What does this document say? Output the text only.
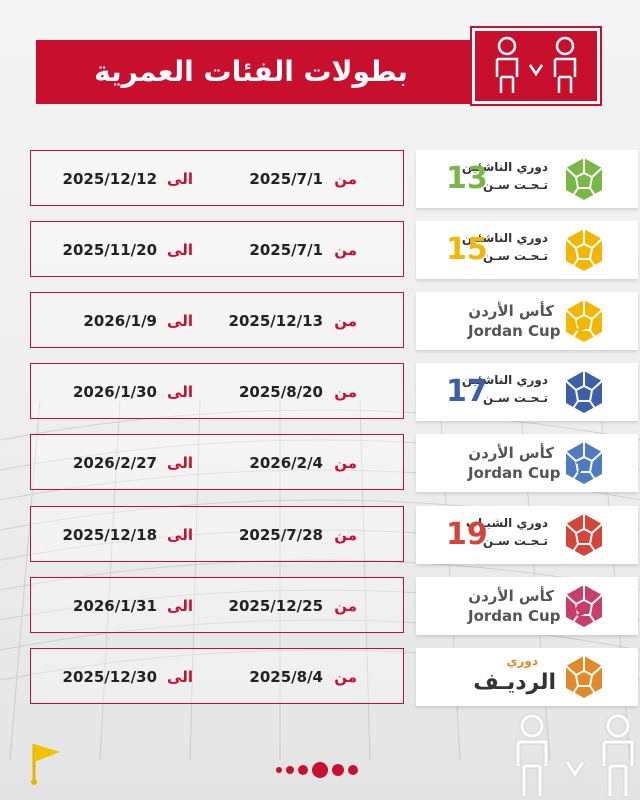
بطولات الفئات العمرية
من
2025/7/1
الى
2025/12/12
دوري الناشئين
تـحـت سـن
13
من
2025/7/1
الى
2025/11/20
دوري الناشئين
تـحـت سـن
15
من
2025/12/13
الى
2026/1/9
كأس الأردن
Jordan Cup 15
من
2025/8/20
الى
2026/1/30
دوري الناشئين
تـحـت سـن
17
من
2026/2/4
الى
2026/2/27
كأس الأردن
Jordan Cup 17
من
2025/7/28
الى
2025/12/18
دوري الشبـاب
تـحـت سـن
19
من
2025/12/25
الى
2026/1/31
كأس الأردن
Jordan Cup 19
من
2025/8/4
الى
2025/12/30
دوري
الرديـف
